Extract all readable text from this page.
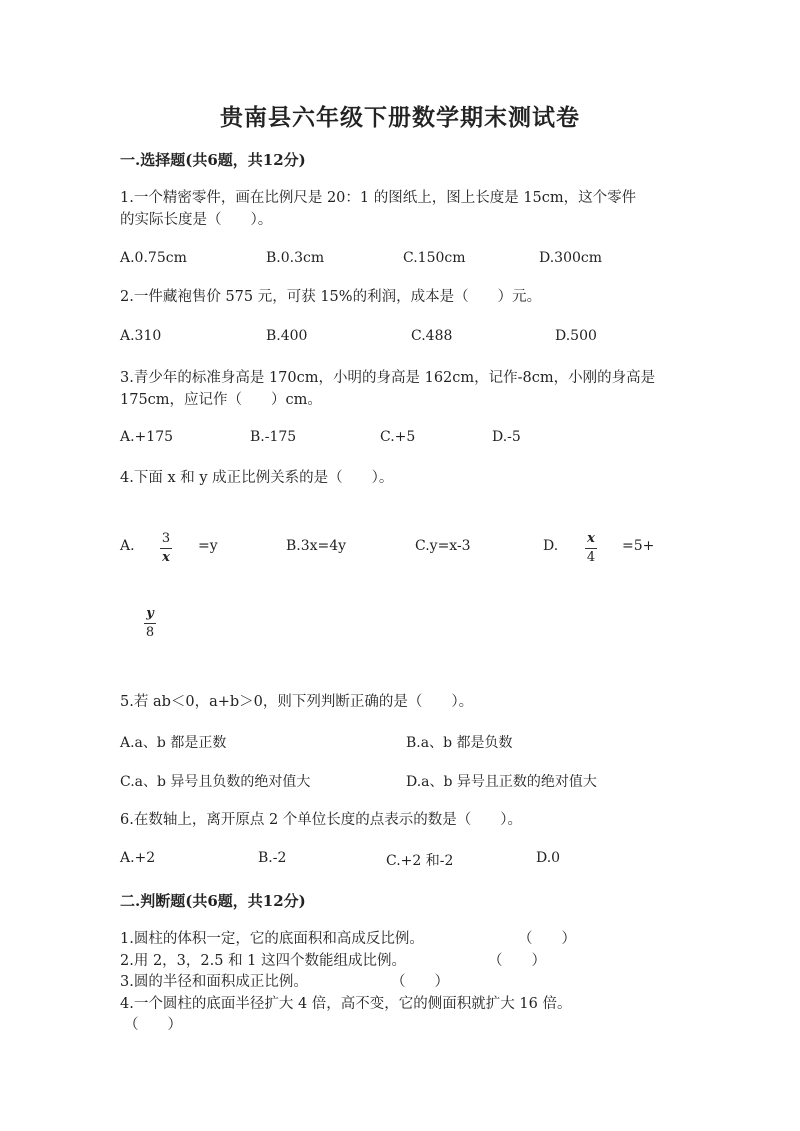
贵南县六年级下册数学期末测试卷
一.选择题(共6题，共12分)
1.一个精密零件，画在比例尺是 20：1 的图纸上，图上长度是 15cm，这个零件
的实际长度是（　　）。
A.0.75cm	B.0.3cm	C.150cm	D.300cm
2.一件藏袍售价 575 元，可获 15%的利润，成本是（　　）元。
A.310	B.400	C.488	D.500
3.青少年的标准身高是 170cm，小明的身高是 162cm，记作-8cm，小刚的身高是
175cm，应记作（　　）cm。
A.+175	B.-175	C.+5	D.-5
4.下面 x 和 y 成正比例关系的是（　　）。
A. 3
x
=y	B.3x=4y	C.y=x-3	D. x
4
=5+
y
8
5.若 ab＜0，a+b＞0，则下列判断正确的是（　　）。
A.a、b 都是正数	B.a、b 都是负数
C.a、b 异号且负数的绝对值大	D.a、b 异号且正数的绝对值大
6.在数轴上，离开原点 2 个单位长度的点表示的数是（　　）。
A.+2	B.-2	C.+2 和-2	D.0
二.判断题(共6题，共12分)
1.圆柱的体积一定，它的底面积和高成反比例。	（　　）
2.用 2，3，2.5 和 1 这四个数能组成比例。	（　　）
3.圆的半径和面积成正比例。	（　　）
4.一个圆柱的底面半径扩大 4 倍，高不变，它的侧面积就扩大 16 倍。
（　　）
